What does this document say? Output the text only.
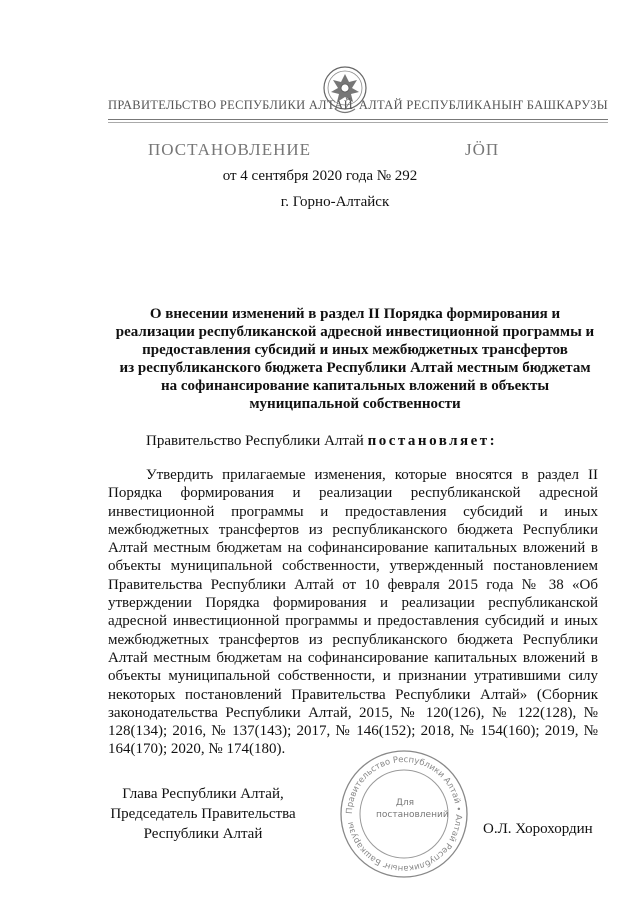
ПРАВИТЕЛЬСТВО РЕСПУБЛИКИ АЛТАЙ АЛТАЙ РЕСПУБЛИКАНЫҤ БАШКАРУЗЫ
ПОСТАНОВЛЕНИЕ	ЈӦП
от 4 сентября 2020 года № 292
г. Горно-Алтайск
О внесении изменений в раздел II Порядка формирования и
реализации республиканской адресной инвестиционной программы и
предоставления субсидий и иных межбюджетных трансфертов
из республиканского бюджета Республики Алтай местным бюджетам
на софинансирование капитальных вложений в объекты
муниципальной собственности
Правительство Республики Алтай постановляет:
Утвердить прилагаемые изменения, которые вносятся в раздел II Порядка формирования и реализации республиканской адресной инвестиционной программы и предоставления субсидий и иных межбюджетных трансфертов из республиканского бюджета Республики Алтай местным бюджетам на софинансирование капитальных вложений в объекты муниципальной собственности, утвержденный постановлением Правительства Республики Алтай от 10 февраля 2015 года № 38 «Об утверждении Порядка формирования и реализации республиканской адресной инвестиционной программы и предоставления субсидий и иных межбюджетных трансфертов из республиканского бюджета Республики Алтай местным бюджетам на софинансирование капитальных вложений в объекты муниципальной собственности, и признании утратившими силу некоторых постановлений Правительства Республики Алтай» (Сборник законодательства Республики Алтай, 2015, № 120(126), № 122(128), № 128(134); 2016, № 137(143); 2017, № 146(152); 2018, № 154(160); 2019, № 164(170); 2020, № 174(180).
Глава Республики Алтай,
Председатель Правительства
Республики Алтай
Правительство Республики Алтай • Алтай Республиканыҥ Башкарузы
Для
постановлений
О.Л. Хорохордин
